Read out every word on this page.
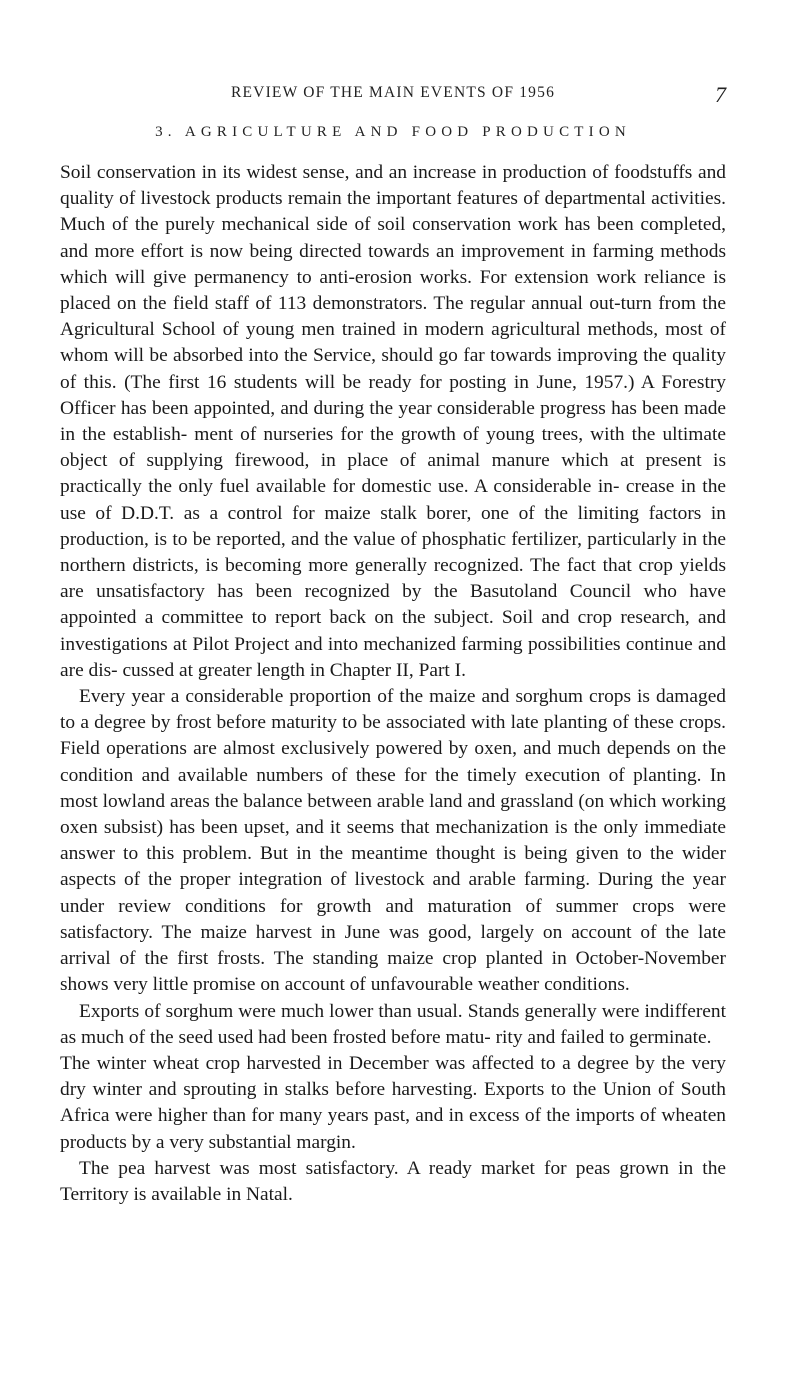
REVIEW OF THE MAIN EVENTS OF 1956	7
3. AGRICULTURE AND FOOD PRODUCTION

Soil conservation in its widest sense, and an increase in production of foodstuffs and quality of livestock products remain the important features of departmental activities. Much of the purely mechanical side of soil conservation work has been completed, and more effort is now being directed towards an improvement in farming methods which will give permanency to anti-erosion works. For extension work reliance is placed on the field staff of 113 demonstrators. The regular annual out-turn from the Agricultural School of young men trained in modern agricultural methods, most of whom will be absorbed into the Service, should go far towards improving the quality of this. (The first 16 students will be ready for posting in June, 1957.) A Forestry Officer has been appointed, and during the year considerable progress has been made in the establish- ment of nurseries for the growth of young trees, with the ultimate object of supplying firewood, in place of animal manure which at present is practically the only fuel available for domestic use. A considerable in- crease in the use of D.D.T. as a control for maize stalk borer, one of the limiting factors in production, is to be reported, and the value of phosphatic fertilizer, particularly in the northern districts, is becoming more generally recognized. The fact that crop yields are unsatisfactory has been recognized by the Basutoland Council who have appointed a committee to report back on the subject. Soil and crop research, and investigations at Pilot Project and into mechanized farming possibilities continue and are dis- cussed at greater length in Chapter II, Part I.

Every year a considerable proportion of the maize and sorghum crops is damaged to a degree by frost before maturity to be associated with late planting of these crops. Field operations are almost exclusively powered by oxen, and much depends on the condition and available numbers of these for the timely execution of planting. In most lowland areas the balance between arable land and grassland (on which working oxen subsist) has been upset, and it seems that mechanization is the only immediate answer to this problem. But in the meantime thought is being given to the wider aspects of the proper integration of livestock and arable farming. During the year under review conditions for growth and maturation of summer crops were satisfactory. The maize harvest in June was good, largely on account of the late arrival of the first frosts. The standing maize crop planted in October-November shows very little promise on account of unfavourable weather conditions.

Exports of sorghum were much lower than usual. Stands generally were indifferent as much of the seed used had been frosted before matu- rity and failed to germinate.

The winter wheat crop harvested in December was affected to a degree by the very dry winter and sprouting in stalks before harvesting. Exports to the Union of South Africa were higher than for many years past, and in excess of the imports of wheaten products by a very substantial margin.

The pea harvest was most satisfactory. A ready market for peas grown in the Territory is available in Natal.
